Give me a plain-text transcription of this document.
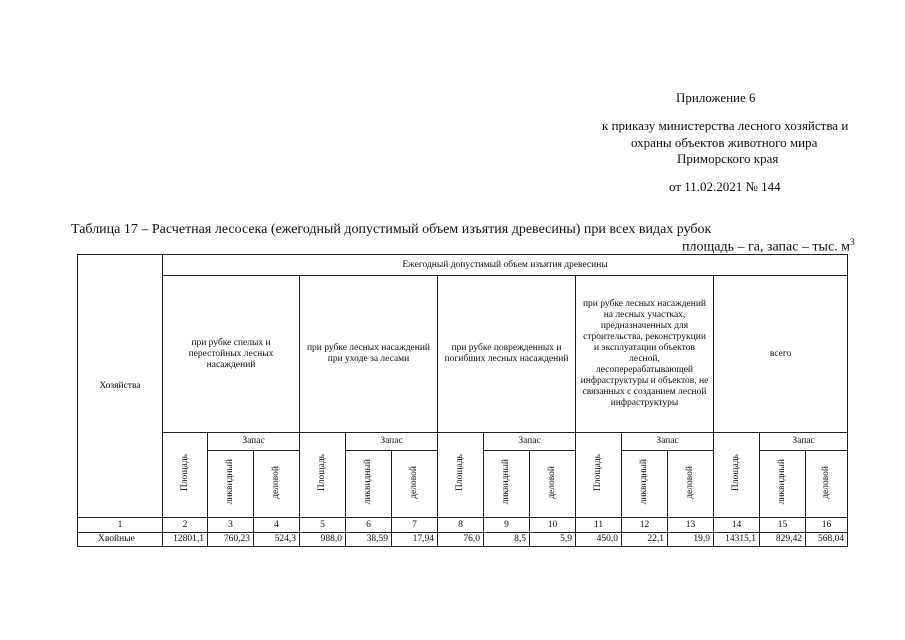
Приложение 6
к приказу министерства лесного хозяйства и
охраны объектов животного мира
Приморского края
от 11.02.2021 № 144
Таблица 17 – Расчетная лесосека (ежегодный допустимый объем изъятия древесины) при всех видах рубок
площадь – га, запас – тыс. $м^3$
Хозяйства	Ежегодный допустимый объем изъятия древесины														
	при рубке спелых и перестойных лесных насаждений			при рубке лесных насаждений при уходе за лесами			при рубке поврежденных и погибших лесных насаждений			при рубке лесных насаждений на лесных участках, предназначенных для строительства, реконструкции и эксплуатации объектов лесной, лесоперерабатывающей инфраструктуры и объектов, не связанных с созданием лесной инфраструктуры			всего		
	Площадь	Запас		Площадь	Запас		Площадь	Запас		Площадь	Запас		Площадь	Запас	
		ликвидный	деловой		ликвидный	деловой		ликвидный	деловой		ликвидный	деловой		ликвидный	деловой
1	2	3	4	5	6	7	8	9	10	11	12	13	14	15	16
Хвойные	12801,1	760,23	524,3	988,0	38,59	17,94	76,0	8,5	5,9	450,0	22,1	19,9	14315,1	829,42	568,04
